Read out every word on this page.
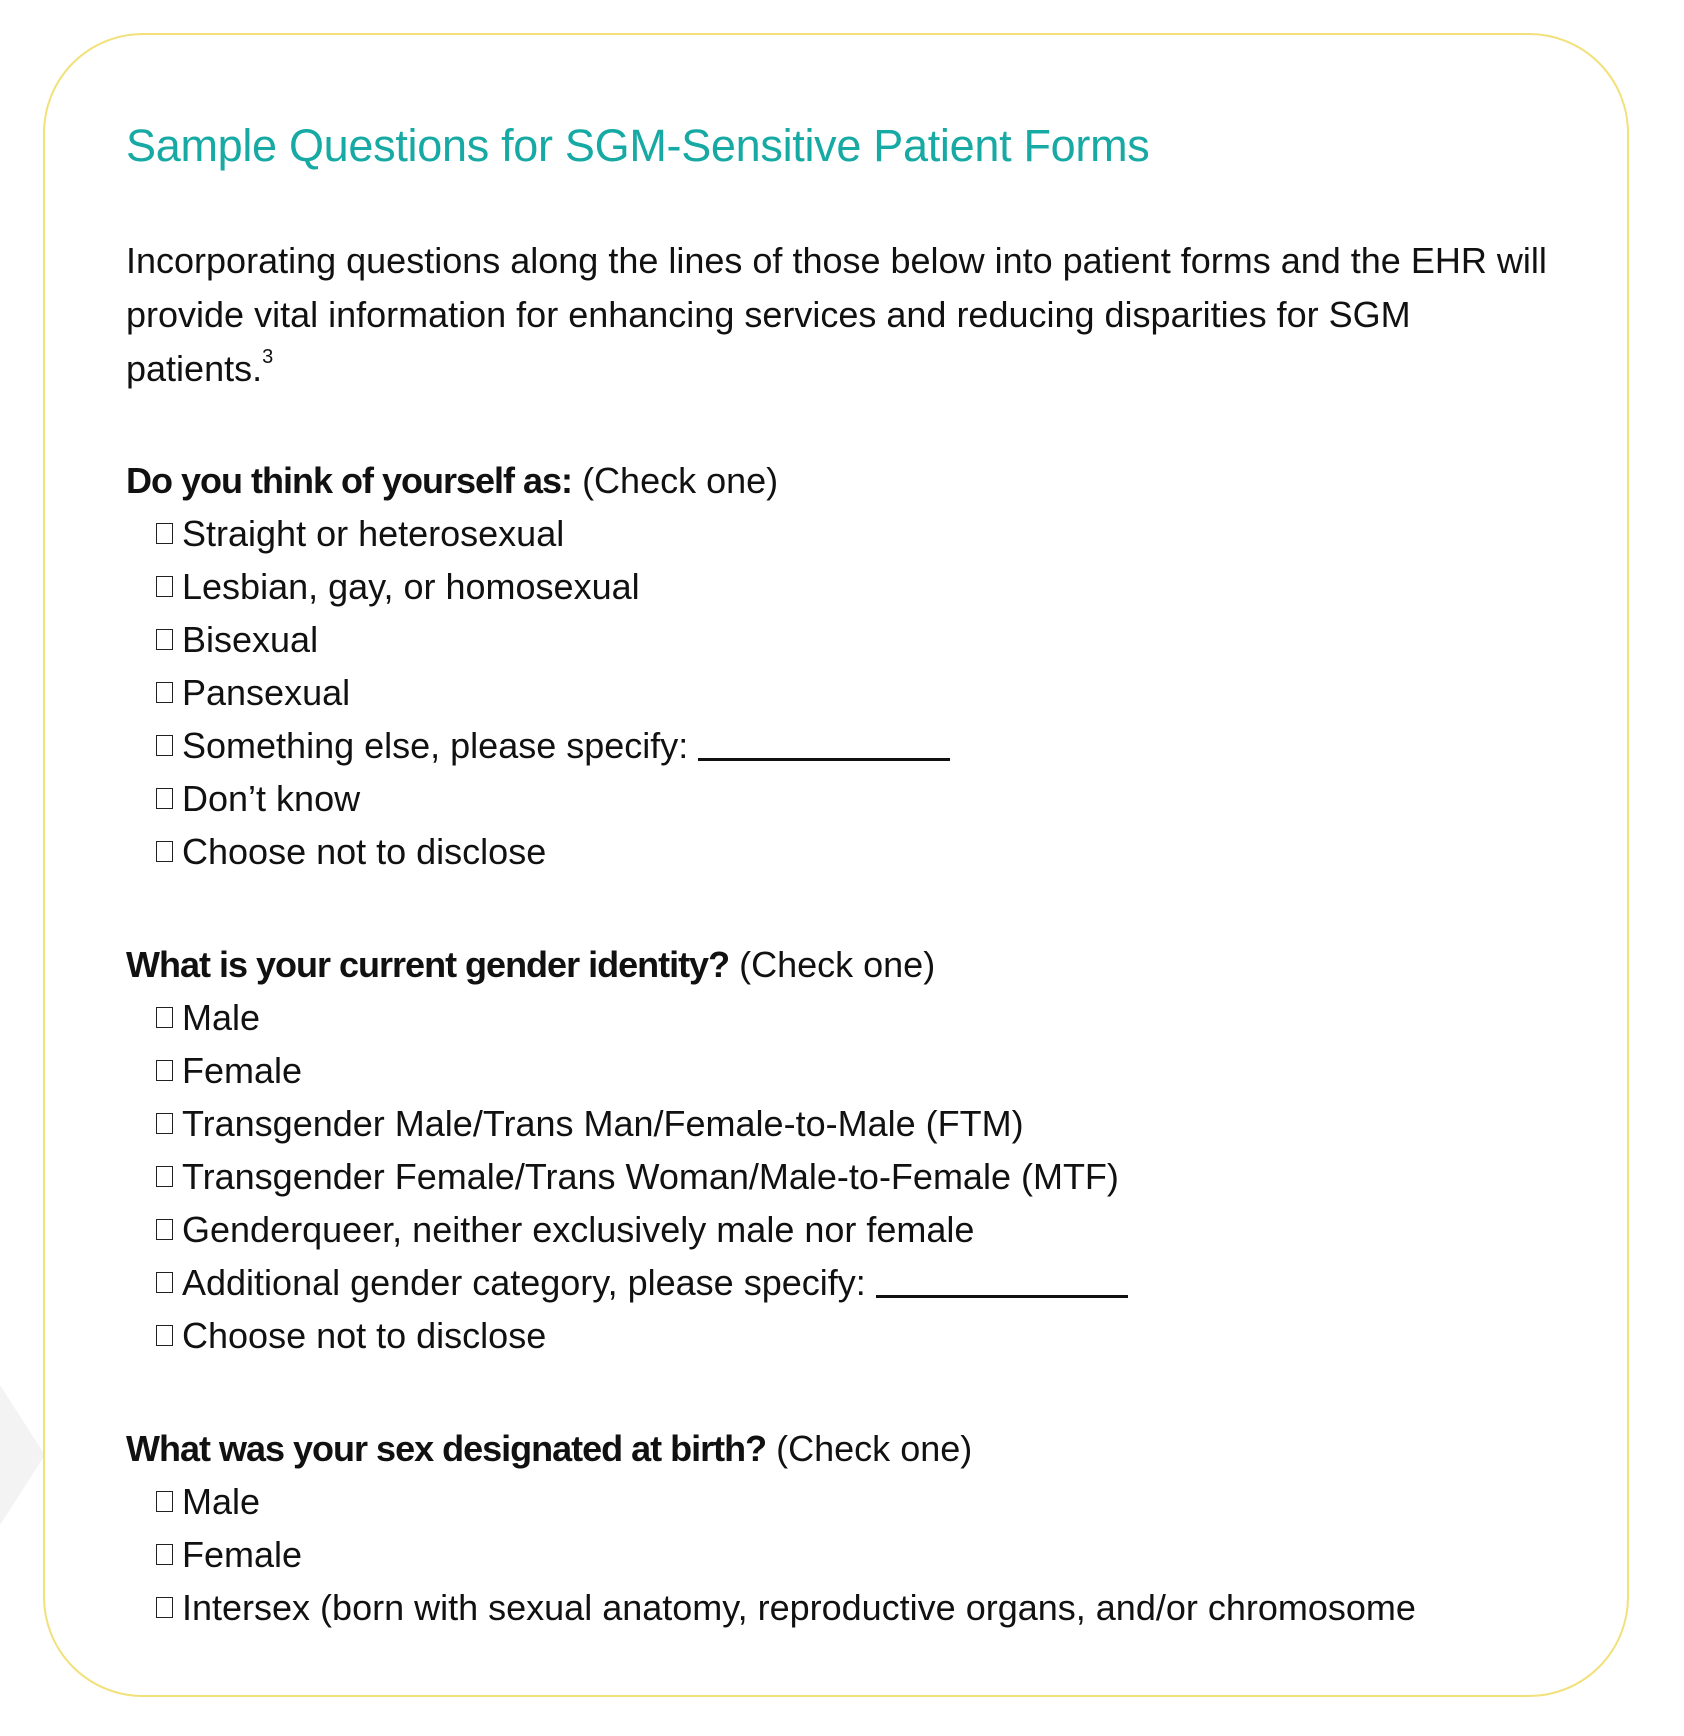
Sample Questions for SGM-Sensitive Patient Forms

Incorporating questions along the lines of those below into patient forms and the EHR will provide vital information for enhancing services and reducing disparities for SGM patients.$^3$

Do you think of yourself as: (Check one)
Straight or heterosexual
Lesbian, gay, or homosexual
Bisexual
Pansexual
Something else, please specify:
Don’t know
Choose not to disclose
What is your current gender identity? (Check one)
Male
Female
Transgender Male/Trans Man/Female-to-Male (FTM)
Transgender Female/Trans Woman/Male-to-Female (MTF)
Genderqueer, neither exclusively male nor female
Additional gender category, please specify:
Choose not to disclose
What was your sex designated at birth? (Check one)
Male
Female
Intersex (born with sexual anatomy, reproductive organs, and/or chromosome
